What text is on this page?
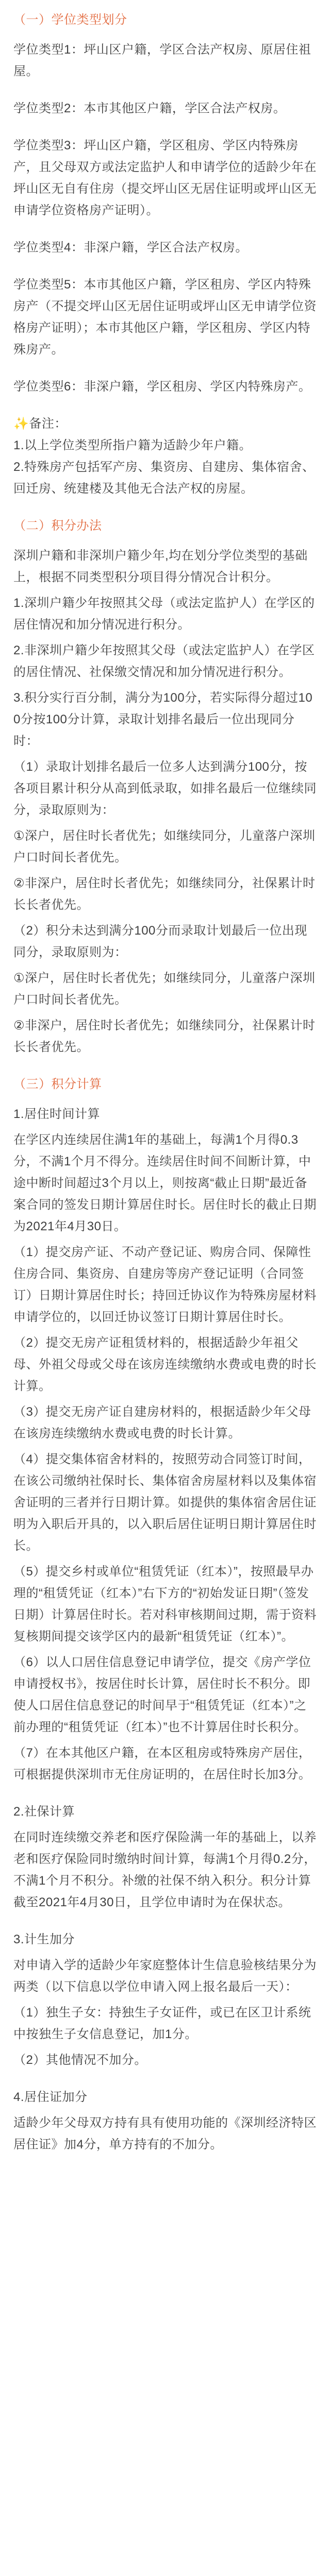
（一）学位类型划分

学位类型1：坪山区户籍，学区合法产权房、原居住祖屋。

学位类型2：本市其他区户籍，学区合法产权房。

学位类型3：坪山区户籍，学区租房、学区内特殊房产，且父母双方或法定监护人和申请学位的适龄少年在坪山区无自有住房（提交坪山区无居住证明或坪山区无申请学位资格房产证明）。

学位类型4：非深户籍，学区合法产权房。

学位类型5：本市其他区户籍，学区租房、学区内特殊房产（不提交坪山区无居住证明或坪山区无申请学位资格房产证明）；本市其他区户籍，学区租房、学区内特殊房产。

学位类型6：非深户籍，学区租房、学区内特殊房产。

✨备注：
1.以上学位类型所指户籍为适龄少年户籍。
2.特殊房产包括军产房、集资房、自建房、集体宿舍、回迁房、统建楼及其他无合法产权的房屋。
（二）积分办法

深圳户籍和非深圳户籍少年,均在划分学位类型的基础上，根据不同类型积分项目得分情况合计积分。

1.深圳户籍少年按照其父母（或法定监护人）在学区的居住情况和加分情况进行积分。

2.非深圳户籍少年按照其父母（或法定监护人）在学区的居住情况、社保缴交情况和加分情况进行积分。

3.积分实行百分制，满分为100分，若实际得分超过100分按100分计算，录取计划排名最后一位出现同分时：

（1）录取计划排名最后一位多人达到满分100分，按各项目累计积分从高到低录取，如排名最后一位继续同分，录取原则为：

①深户，居住时长者优先；如继续同分，儿童落户深圳户口时间长者优先。

②非深户，居住时长者优先；如继续同分，社保累计时长长者优先。

（2）积分未达到满分100分而录取计划最后一位出现同分，录取原则为：

①深户，居住时长者优先；如继续同分，儿童落户深圳户口时间长者优先。

②非深户，居住时长者优先；如继续同分，社保累计时长长者优先。

（三）积分计算

1.居住时间计算

在学区内连续居住满1年的基础上，每满1个月得0.3分，不满1个月不得分。连续居住时间不间断计算，中途中断时间超过3个月以上，则按离“截止日期”最近备案合同的签发日期计算居住时长。居住时长的截止日期为2021年4月30日。

（1）提交房产证、不动产登记证、购房合同、保障性住房合同、集资房、自建房等房产登记证明（合同签订）日期计算居住时长；持回迁协议作为特殊房屋材料申请学位的，以回迁协议签订日期计算居住时长。

（2）提交无房产证租赁材料的，根据适龄少年祖父母、外祖父母或父母在该房连续缴纳水费或电费的时长计算。

（3）提交无房产证自建房材料的，根据适龄少年父母在该房连续缴纳水费或电费的时长计算。

（4）提交集体宿舍材料的，按照劳动合同签订时间，在该公司缴纳社保时长、集体宿舍房屋材料以及集体宿舍证明的三者并行日期计算。如提供的集体宿舍居住证明为入职后开具的，以入职后居住证明日期计算居住时长。

（5）提交乡村或单位“租赁凭证（红本）”，按照最早办理的“租赁凭证（红本）”右下方的“初始发证日期”（签发日期）计算居住时长。若对科审核期间过期，需于资料复核期间提交该学区内的最新“租赁凭证（红本）”。

（6）以人口居住信息登记申请学位，提交《房产学位申请授权书》，按居住时长计算，居住时长不积分。即使人口居住信息登记的时间早于“租赁凭证（红本）”之前办理的“租赁凭证（红本）”也不计算居住时长积分。

（7）在本其他区户籍，在本区租房或特殊房产居住，可根据提供深圳市无住房证明的，在居住时长加3分。

2.社保计算

在同时连续缴交养老和医疗保险满一年的基础上，以养老和医疗保险同时缴纳时间计算，每满1个月得0.2分，不满1个月不积分。补缴的社保不纳入积分。积分计算截至2021年4月30日，且学位申请时为在保状态。

3.计生加分

对申请入学的适龄少年家庭整体计生信息验核结果分为两类（以下信息以学位申请入网上报名最后一天）：

（1）独生子女：持独生子女证件，或已在区卫计系统中按独生子女信息登记，加1分。

（2）其他情况不加分。

4.居住证加分

适龄少年父母双方持有具有使用功能的《深圳经济特区居住证》加4分，单方持有的不加分。
